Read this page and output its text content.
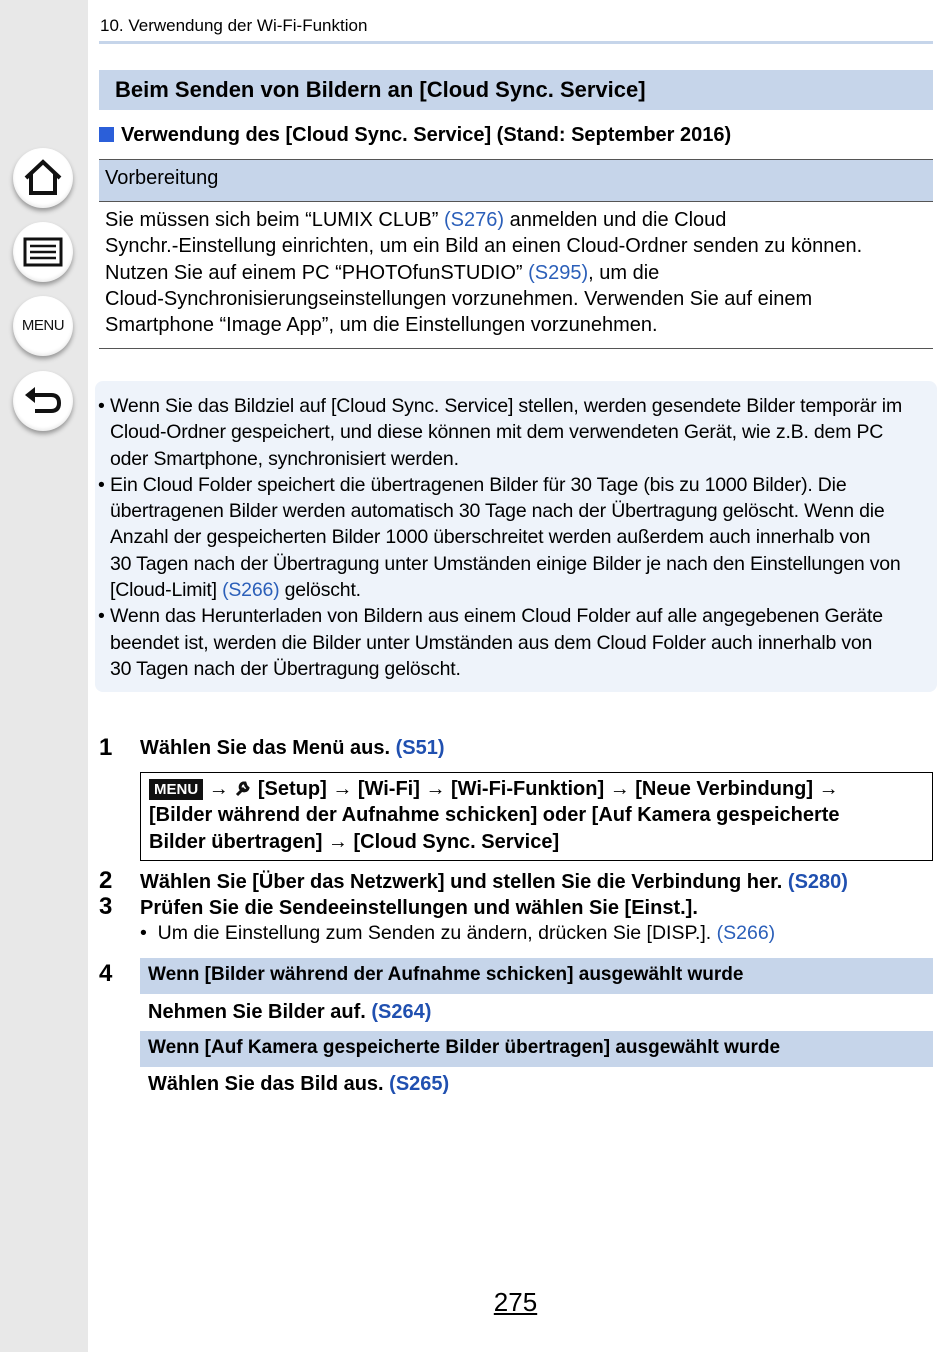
MENU
10. Verwendung der Wi-Fi-Funktion
Beim Senden von Bildern an [Cloud Sync. Service]
Verwendung des [Cloud Sync. Service] (Stand: September 2016)
Vorbereitung
Sie müssen sich beim “LUMIX CLUB” (S276) anmelden und die Cloud
Synchr.-Einstellung einrichten, um ein Bild an einen Cloud-Ordner senden zu können.
Nutzen Sie auf einem PC “PHOTOfunSTUDIO” (S295), um die
Cloud-Synchronisierungseinstellungen vorzunehmen. Verwenden Sie auf einem
Smartphone “Image App”, um die Einstellungen vorzunehmen.
• Wenn Sie das Bildziel auf [Cloud Sync. Service] stellen, werden gesendete Bilder temporär im
Cloud-Ordner gespeichert, und diese können mit dem verwendeten Gerät, wie z.B. dem PC
oder Smartphone, synchronisiert werden.
• Ein Cloud Folder speichert die übertragenen Bilder für 30 Tage (bis zu 1000 Bilder). Die
übertragenen Bilder werden automatisch 30 Tage nach der Übertragung gelöscht. Wenn die
Anzahl der gespeicherten Bilder 1000 überschreitet werden außerdem auch innerhalb von
30 Tagen nach der Übertragung unter Umständen einige Bilder je nach den Einstellungen von
[Cloud-Limit] (S266) gelöscht.
• Wenn das Herunterladen von Bildern aus einem Cloud Folder auf alle angegebenen Geräte
beendet ist, werden die Bilder unter Umständen aus dem Cloud Folder auch innerhalb von
30 Tagen nach der Übertragung gelöscht.
1 Wählen Sie das Menü aus. (S51)
MENU → [Setup] → [Wi-Fi] → [Wi-Fi-Funktion] → [Neue Verbindung] →
[Bilder während der Aufnahme schicken] oder [Auf Kamera gespeicherte
Bilder übertragen] → [Cloud Sync. Service]
2 Wählen Sie [Über das Netzwerk] und stellen Sie die Verbindung her. (S280)
3 Prüfen Sie die Sendeeinstellungen und wählen Sie [Einst.].
• Um die Einstellung zum Senden zu ändern, drücken Sie [DISP.]. (S266)
4 Wenn [Bilder während der Aufnahme schicken] ausgewählt wurde
Nehmen Sie Bilder auf. (S264)
Wenn [Auf Kamera gespeicherte Bilder übertragen] ausgewählt wurde
Wählen Sie das Bild aus. (S265)
275
